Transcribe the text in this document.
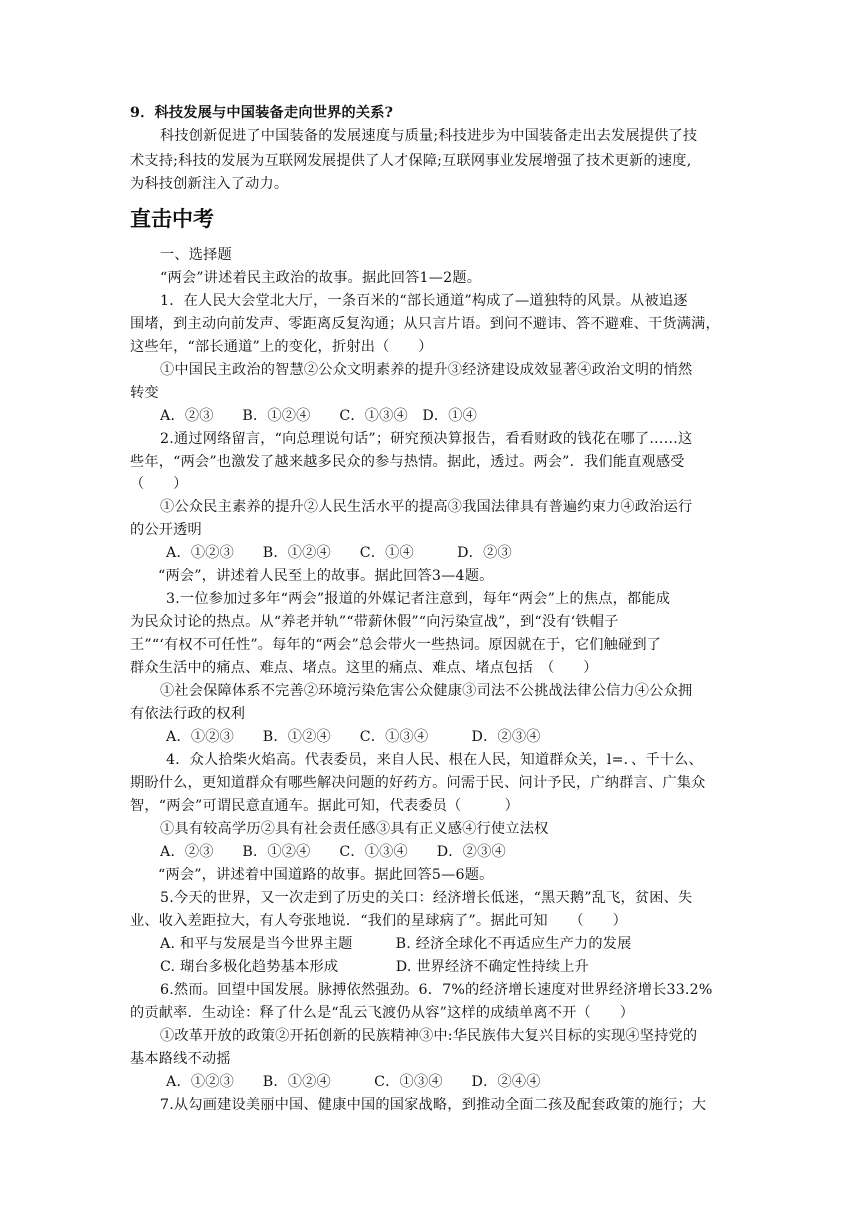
9．科技发展与中国装备走向世界的关系?
科技创新促进了中国装备的发展速度与质量;科技进步为中国装备走出去发展提供了技
术支持;科技的发展为互联网发展提供了人才保障;互联网事业发展增强了技术更新的速度,
为科技创新注入了动力。
直击中考
一、选择题
“两会”讲述着民主政治的故事。据此回答1—2题。
1．在人民大会堂北大厅，一条百米的“部长通道”构成了—道独特的风景。从被追逐
围堵，到主动向前发声、零距离反复沟通；从只言片语。到问不避讳、答不避难、干货满满，
这些年，“部长通道”上的变化，折射出（　　）
①中国民主政治的智慧②公众文明素养的提升③经济建设成效显著④政治文明的悄然
转变
A．②③　　B．①②④　　C．①③④　D．①④
2.通过网络留言，“向总理说句话”；研究预决算报告，看看财政的钱花在哪了……这
些年，“两会”也激发了越来越多民众的参与热情。据此，透过。两会”．我们能直观感受
（　　）
①公众民主素养的提升②人民生活水平的提高③我国法律具有普遍约束力④政治运行
的公开透明
A．①②③　　B．①②④　　C．①④　　　D．②③
“两会”，讲述着人民至上的故事。据此回答3—4题。
3.一位参加过多年“两会”报道的外媒记者注意到，每年“两会”上的焦点，都能成
为民众讨论的热点。从“养老并轨”“带薪休假”“向污染宣战”，到“没有‘铁帽子
王”“‘有权不可任性”。每年的“两会”总会带火一些热词。原因就在于，它们触碰到了
群众生活中的痛点、难点、堵点。这里的痛点、难点、堵点包括　（　　）
①社会保障体系不完善②环境污染危害公众健康③司法不公挑战法律公信力④公众拥
有依法行政的权利
A．①②③　　B．①②④　　C．①③④　　　D．②③④
4．众人拾柴火焰高。代表委员，来自人民、根在人民，知道群众关，l=．、千十么、
期盼什么，更知道群众有哪些解决问题的好药方。问需于民、问计予民，广纳群言、广集众
智，“两会”可谓民意直通车。据此可知，代表委员（　　　）
①具有较高学历②具有社会责任感③具有正义感④行使立法权
A．②③　　B．①②④　　C．①③④　　D．②③④
“两会”，讲述着中国道路的故事。据此回答5—6题。
5.今天的世界，又一次走到了历史的关口：经济增长低迷，“黑天鹅”乱飞，贫困、失
业、收入差距拉大，有人夸张地说．“我们的星球病了”。据此可知　　（　　）
A. 和平与发展是当今世界主题　　　B. 经济全球化不再适应生产力的发展
C. 瑚台多极化趋势基本形成　　　　D. 世界经济不确定性持续上升
6.然而。回望中国发展。脉搏依然强劲。6．7%的经济增长速度对世界经济增长33.2%
的贡献率．生动诠：释了什么是“乱云飞渡仍从容”这样的成绩单离不开（　　）
①改革开放的政策②开拓创新的民族精神③中:华民族伟大复兴目标的实现④坚持党的
基本路线不动摇
A．①②③　　B．①②④　　　C．①③④　　D．②④④
7.从勾画建设美丽中国、健康中国的国家战略，到推动全面二孩及配套政策的施行；大
